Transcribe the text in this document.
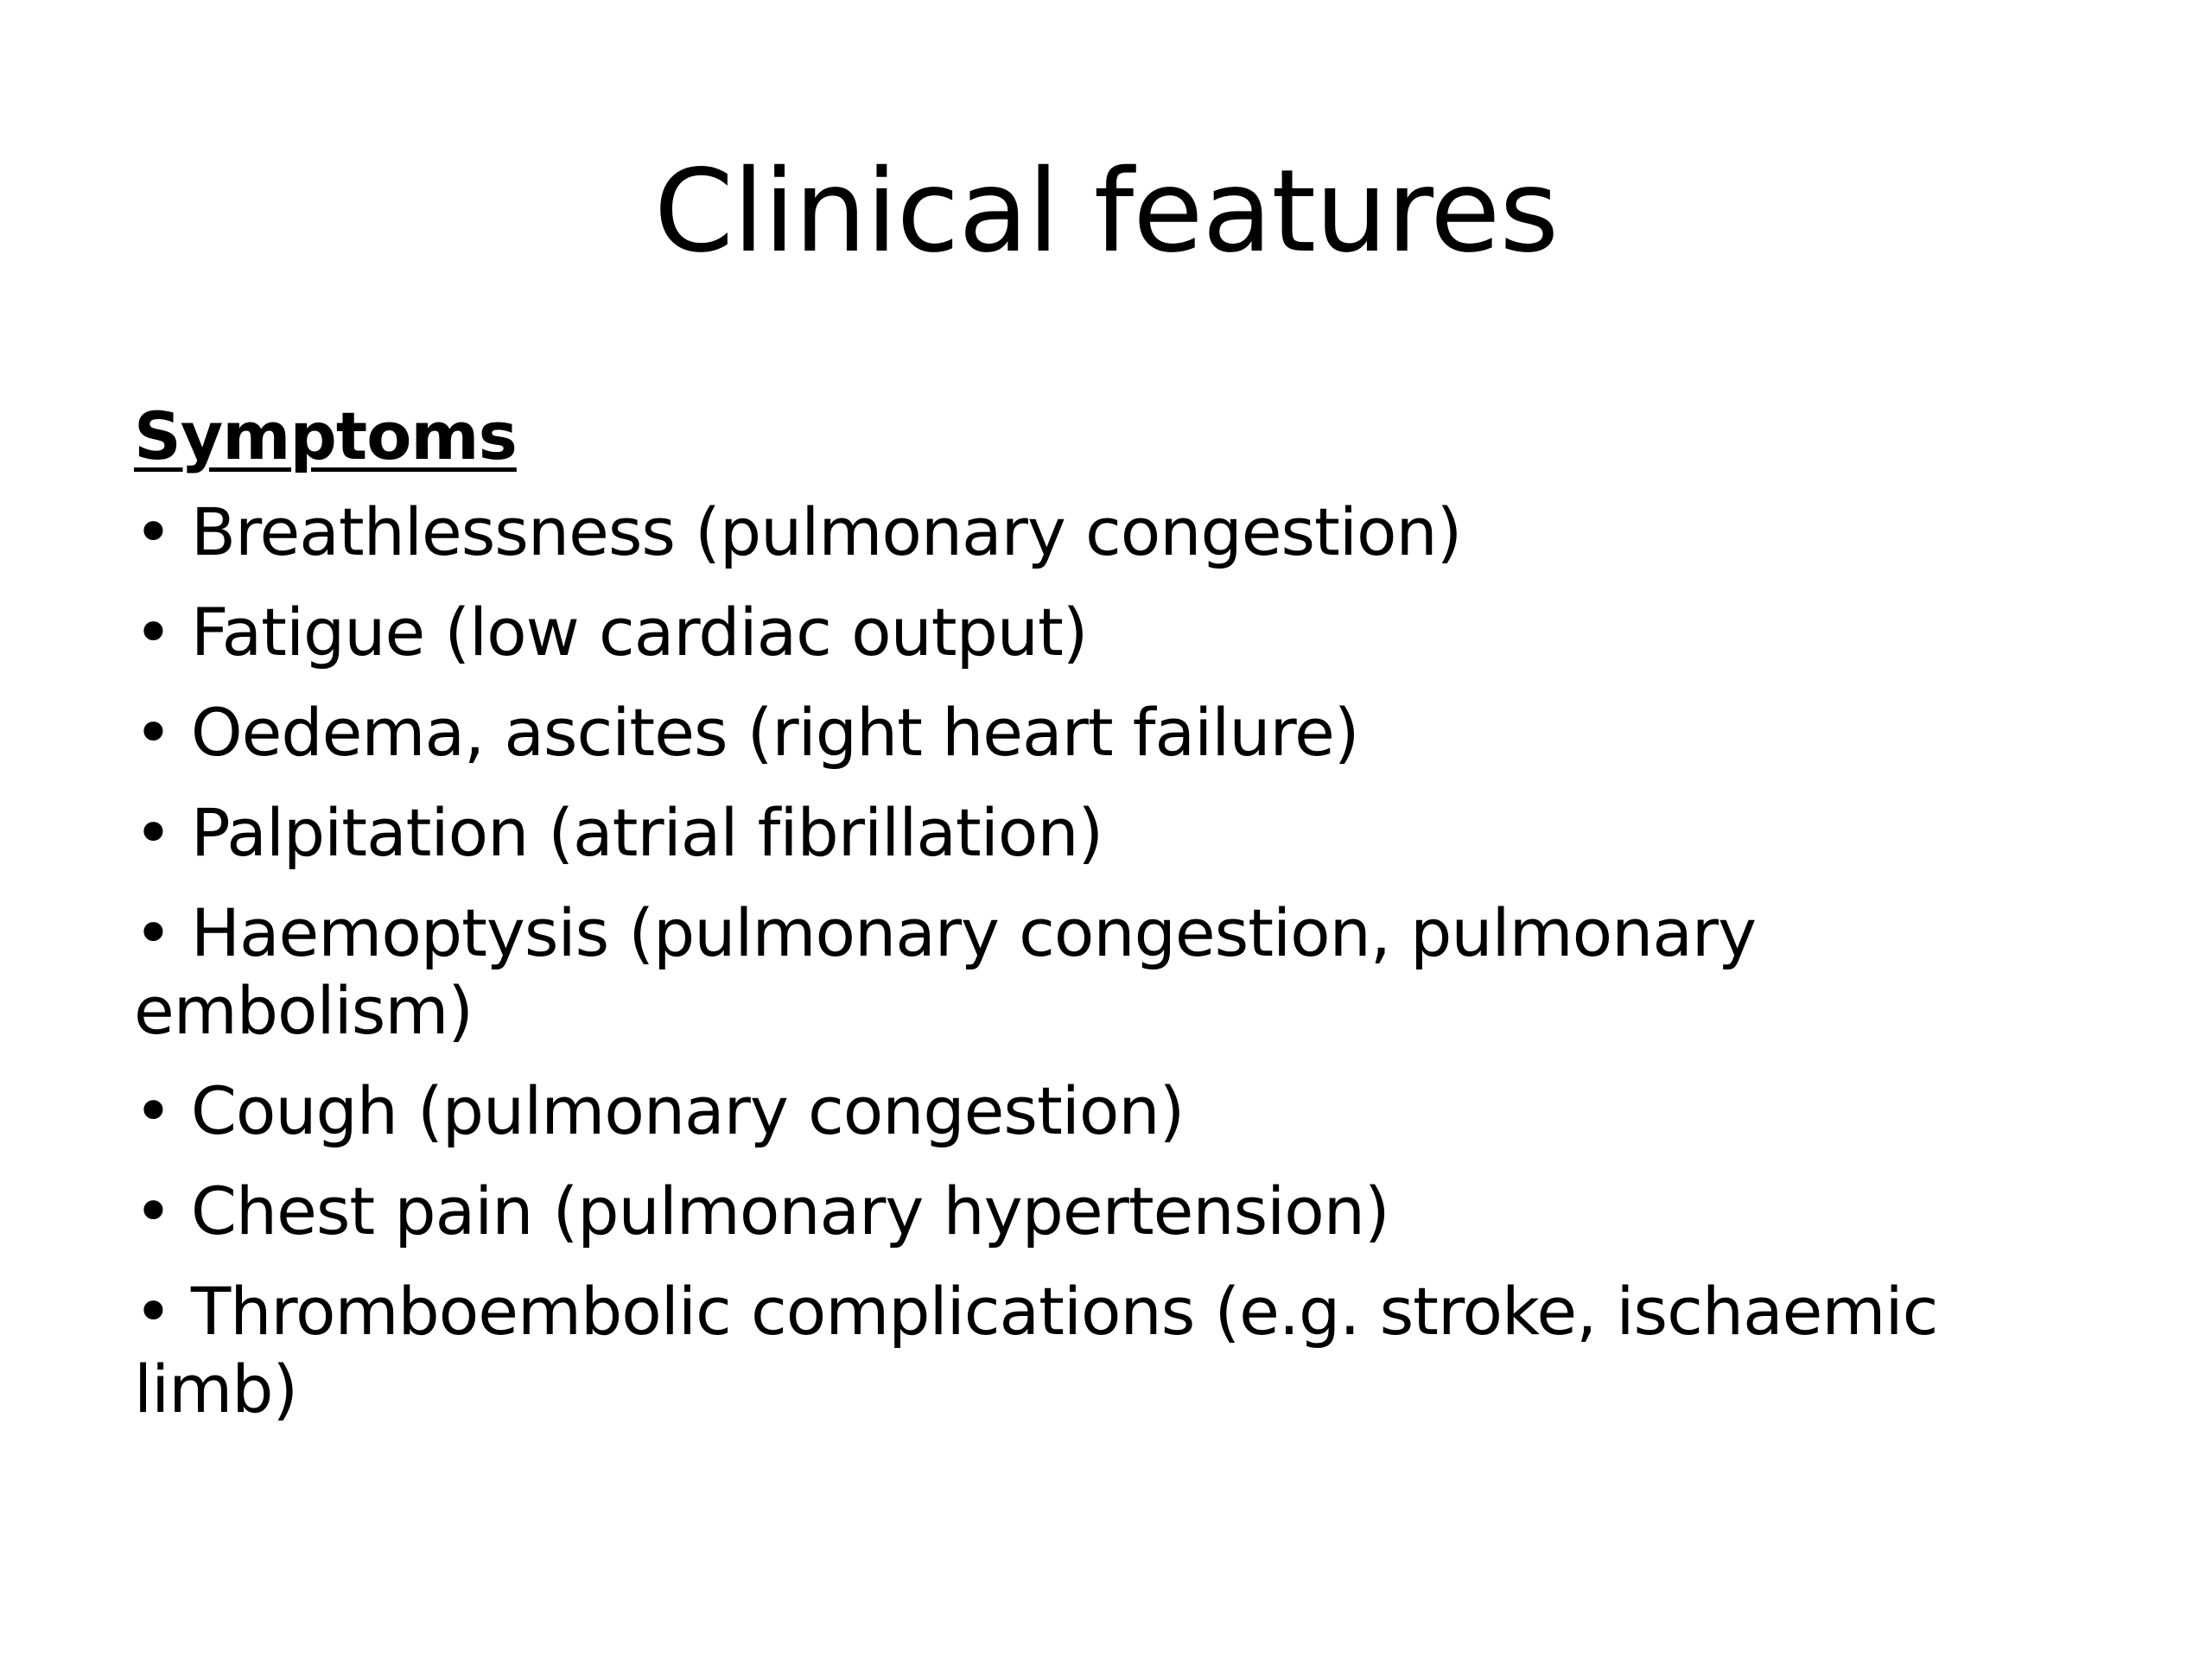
Clinical features
Symptoms
• Breathlessness (pulmonary congestion)
• Fatigue (low cardiac output)
• Oedema, ascites (right heart failure)
• Palpitation (atrial fibrillation)
• Haemoptysis (pulmonary congestion, pulmonary embolism)
• Cough (pulmonary congestion)
• Chest pain (pulmonary hypertension)
• Thromboembolic complications (e.g. stroke, ischaemic limb)
